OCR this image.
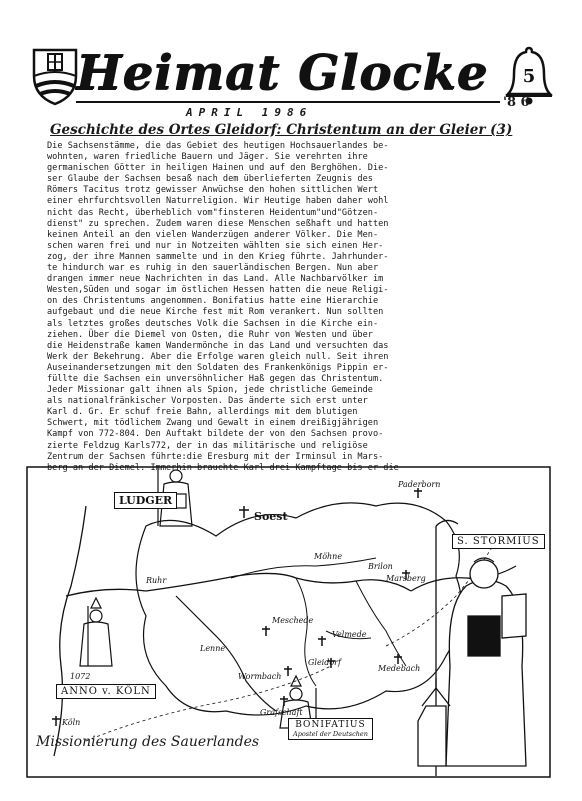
Heimat Glocke	5
'8 6
APRIL 1986
Geschichte des Ortes Gleidorf: Christentum an der Gleier (3)
Die Sachsenstämme, die das Gebiet des heutigen Hochsauerlandes be-
wohnten, waren friedliche Bauern und Jäger. Sie verehrten ihre
germanischen Götter in heiligen Hainen und auf den Berghöhen. Die-
ser Glaube der Sachsen besaß nach dem überlieferten Zeugnis des
Römers Tacitus trotz gewisser Anwüchse den hohen sittlichen Wert
einer ehrfurchtsvollen Naturreligion. Wir Heutige haben daher wohl
nicht das Recht, überheblich vom"finsteren Heidentum"und"Götzen-
dienst" zu sprechen. Zudem waren diese Menschen seßhaft und hatten
keinen Anteil an den vielen Wanderzügen anderer Völker. Die Men-
schen waren frei und nur in Notzeiten wählten sie sich einen Her-
zog, der ihre Mannen sammelte und in den Krieg führte. Jahrhunder-
te hindurch war es ruhig in den sauerländischen Bergen. Nun aber
drangen immer neue Nachrichten in das Land. Alle Nachbarvölker im
Westen,Süden und sogar im östlichen Hessen hatten die neue Religi-
on des Christentums angenommen. Bonifatius hatte eine Hierarchie
aufgebaut und die neue Kirche fest mit Rom verankert. Nun sollten
als letztes großes deutsches Volk die Sachsen in die Kirche ein-
ziehen. Über die Diemel von Osten, die Ruhr von Westen und über
die Heidenstraße kamen Wandermönche in das Land und versuchten das
Werk der Bekehrung. Aber die Erfolge waren gleich null. Seit ihren
Auseinandersetzungen mit den Soldaten des Frankenkönigs Pippin er-
füllte die Sachsen ein unversöhnlicher Haß gegen das Christentum.
Jeder Missionar galt ihnen als Spion, jede christliche Gemeinde
als nationalfränkischer Vorposten. Das änderte sich erst unter
Karl d. Gr. Er schuf freie Bahn, allerdings mit dem blutigen
Schwert, mit tödlichem Zwang und Gewalt in einem dreißigjährigen
Kampf von 772-804. Den Auftakt bildete der von den Sachsen provo-
zierte Feldzug Karls772, der in das militärische und religiöse
Zentrum der Sachsen führte:die Eresburg mit der Irminsul in Mars-
berg an der Diemel. Immerhin brauchte Karl drei Kampftage bis er die
LUDGER
Soest
Paderborn
S. STORMIUS
Ruhr
Möhne
Brilon
Marsberg
Meschede
Velmede
Lenne
Wormbach
Gleidorf
Grafschaft
Medebach
1072
ANNO v. KÖLN
Köln	BONIFATIUS
Apostel der Deutschen
Missionierung des Sauerlandes
